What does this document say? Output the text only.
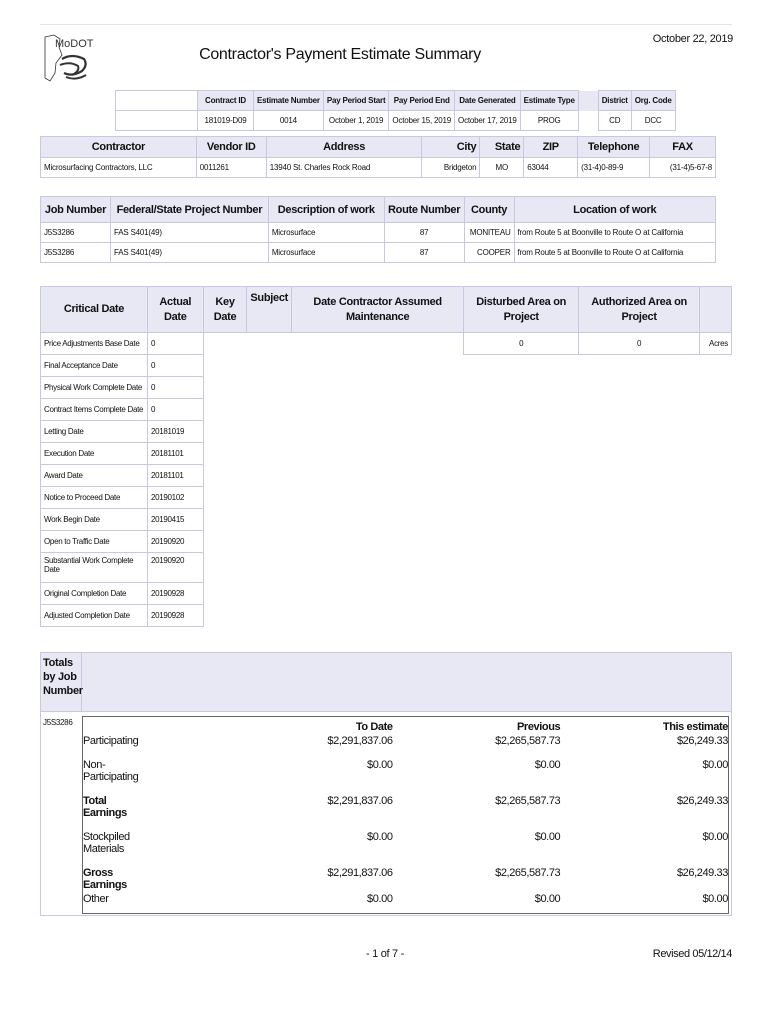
MoDOT
Contractor's Payment Estimate Summary
October 22, 2019
	Contract ID	Estimate Number	Pay Period Start	Pay Period End	Date Generated	Estimate Type		District	Org. Code
	181019-D09	0014	October 1, 2019	October 15, 2019	October 17, 2019	PROG		CD	DCC
Contractor	Vendor ID	Address	City	State	ZIP	Telephone	FAX
Microsurfacing Contractors, LLC	0011261	13940 St. Charles Rock Road	Bridgeton	MO	63044	(31-4)0-89-9	(31-4)5-67-8
Job Number	Federal/State Project Number	Description of work	Route Number	County	Location of work
J5S3286	FAS S401(49)	Microsurface	87	MONITEAU	from Route 5 at Boonville to Route O at California
J5S3286	FAS S401(49)	Microsurface	87	COOPER	from Route 5 at Boonville to Route O at California
Critical Date	Actual Date	Key Date	Subject	Date Contractor Assumed Maintenance	Disturbed Area on Project	Authorized Area on Project	
Price Adjustments Base Date	0				0	0	Acres
Final Acceptance Date	0						
Physical Work Complete Date	0						
Contract Items Complete Date	0						
Letting Date	20181019						
Execution Date	20181101						
Award Date	20181101						
Notice to Proceed Date	20190102						
Work Begin Date	20190415						
Open to Traffic Date	20190920						
Substantial Work Complete Date	20190920						
Original Completion Date	20190928						
Adjusted Completion Date	20190928						
Totals by Job Number
J5S3286
		To Date	Previous	This estimate
Participating	$2,291,837.06	$2,265,587.73	$26,249.33
Non-Participating	$0.00	$0.00	$0.00
Total Earnings	$2,291,837.06	$2,265,587.73	$26,249.33
Stockpiled Materials	$0.00	$0.00	$0.00
Gross Earnings	$2,291,837.06	$2,265,587.73	$26,249.33
Other	$0.00	$0.00	$0.00
- 1 of 7 -	Revised 05/12/14
